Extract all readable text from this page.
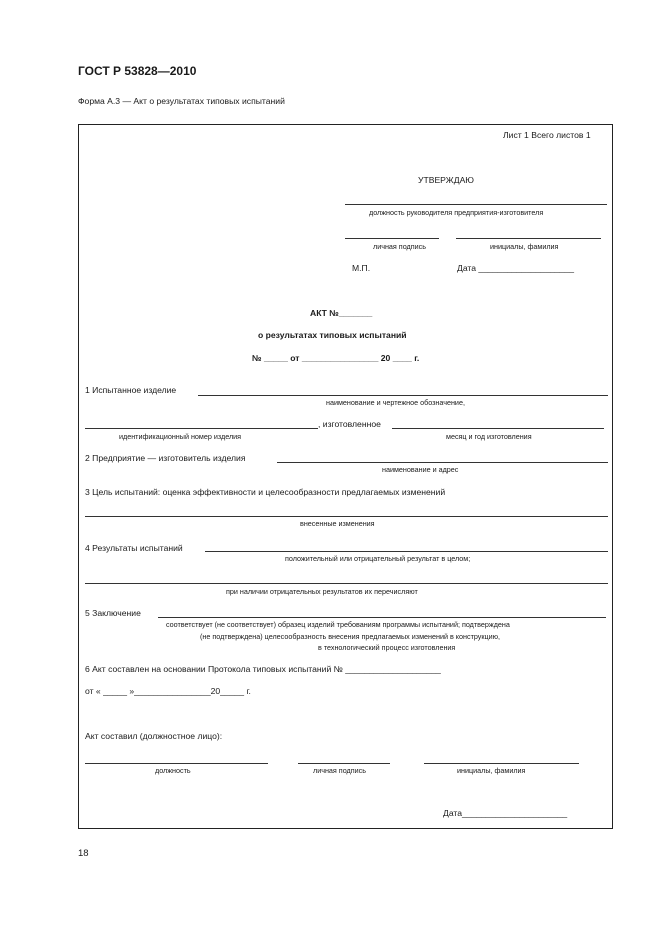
ГОСТ Р 53828—2010
Форма А.3 — Акт о результатах типовых испытаний
Лист 1 Всего листов 1
УТВЕРЖДАЮ
должность руководителя предприятия-изготовителя
личная подпись	инициалы, фамилия
М.П.	Дата ____________________
АКТ №_______
о результатах типовых испытаний
№ _____ от ________________ 20 ____ г.
1 Испытанное изделие
наименование и чертежное обозначение,
, изготовленное
идентификационный номер изделия	месяц и год изготовления
2 Предприятие — изготовитель изделия
наименование и адрес
3 Цель испытаний: оценка эффективности и целесообразности предлагаемых изменений
внесенные изменения
4 Результаты испытаний
положительный или отрицательный результат в целом;
при наличии отрицательных результатов их перечисляют
5 Заключение
соответствует (не соответствует) образец изделий требованиям программы испытаний; подтверждена
(не подтверждена) целесообразность внесения предлагаемых изменений в конструкцию,
в технологический процесс изготовления
6 Акт составлен на основании Протокола типовых испытаний № ____________________
от « _____ »________________20_____ г.
Акт составил (должностное лицо):
должность	личная подпись	инициалы, фамилия
Дата______________________
18
